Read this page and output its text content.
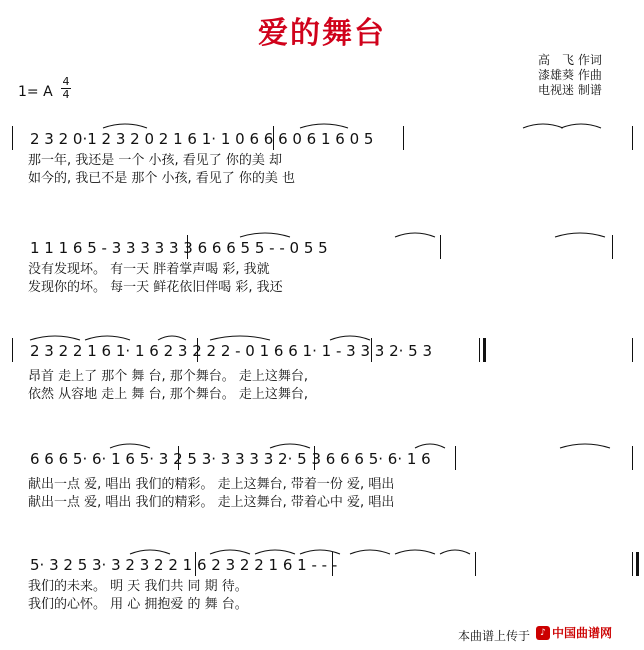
爱的舞台
高　飞 作词
漆雄葵 作曲
电视迷 制谱
1= A
4
4
2 3 2 0·1 2 3 2 0 2 1 6 1· 1 0 6 6 6 0 6 1 6 0 5
那一年, 我还是 一个 小孩, 看见了 你的美 却
如今的, 我已不是 那个 小孩, 看见了 你的美 也
1 1 1 6 5 - 3 3 3 3 3 3 6 6 6 5 5 - - 0 5 5
没有发现坏。 有一天 胖着掌声喝 彩, 我就
发现你的坏。 每一天 鲜花依旧伴喝 彩, 我还
2 3 2 2 1 6 1· 1 6 2 3 2 2 2 - 0 1 6 6 1· 1 - 3 3 3 2· 5 3
昂首 走上了 那个 舞 台, 那个舞台。 走上这舞台,
依然 从容地 走上 舞 台, 那个舞台。 走上这舞台,
6 6 6 5· 6· 1 6 5· 3 2 5 3· 3 3 3 3 2· 5 3 6 6 6 5· 6· 1 6
献出一点 爱, 唱出 我们的精彩。 走上这舞台, 带着一份 爱, 唱出
献出一点 爱, 唱出 我们的精彩。 走上这舞台, 带着心中 爱, 唱出
5· 3 2 5 3· 3 2 3 2 2 1 6 2 3 2 2 1 6 1 - - -
我们的未来。 明 天 我们共 同 期 待。
我们的心怀。 用 心 拥抱爱 的 舞 台。
本曲谱上传于	♪ 中国曲谱网
